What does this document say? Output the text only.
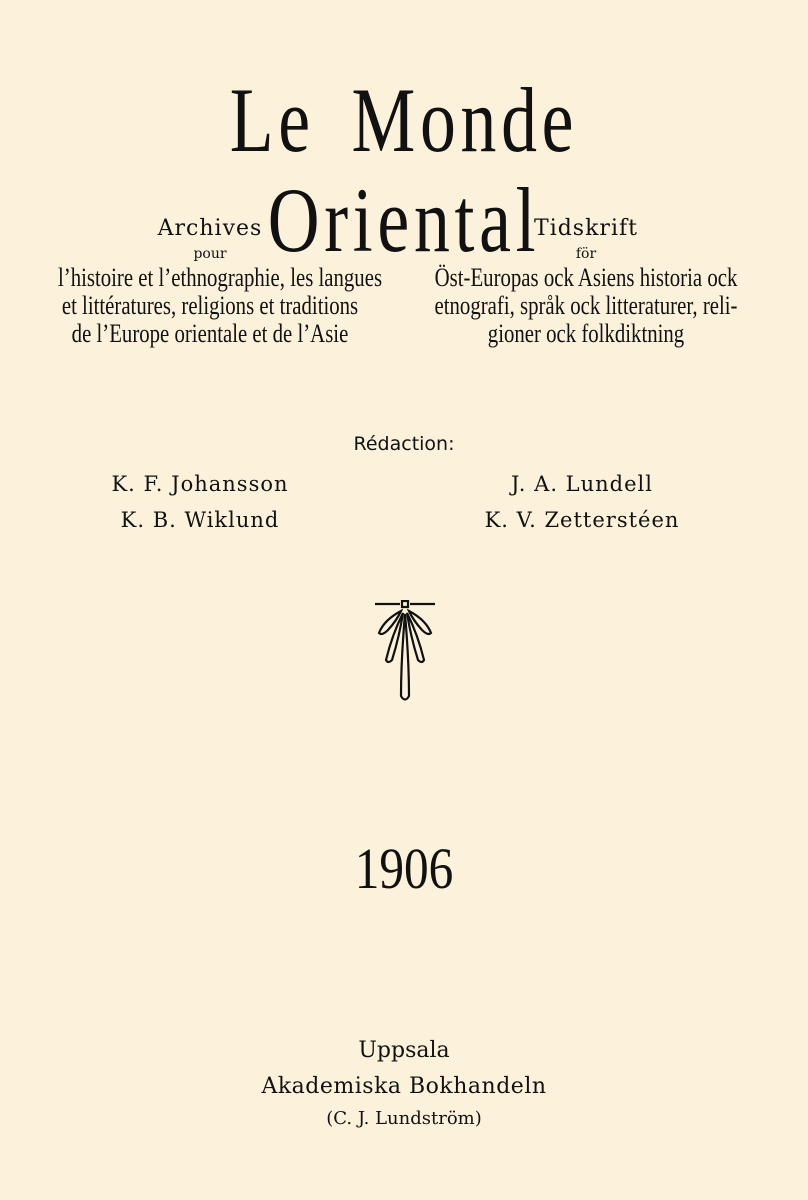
Le Monde Oriental
Archives
pour
l’histoire et l’ethnographie, les langues
et littératures, religions et traditions
de l’Europe orientale et de l’Asie
Tidskrift
för
Öst-Europas ock Asiens historia ock
etnografi, språk ock litteraturer, reli-
gioner ock folkdiktning
Rédaction:
K. F. Johansson
K. B. Wiklund
J. A. Lundell
K. V. Zetterstéen
1906
Uppsala
Akademiska Bokhandeln
(C. J. Lundström)
